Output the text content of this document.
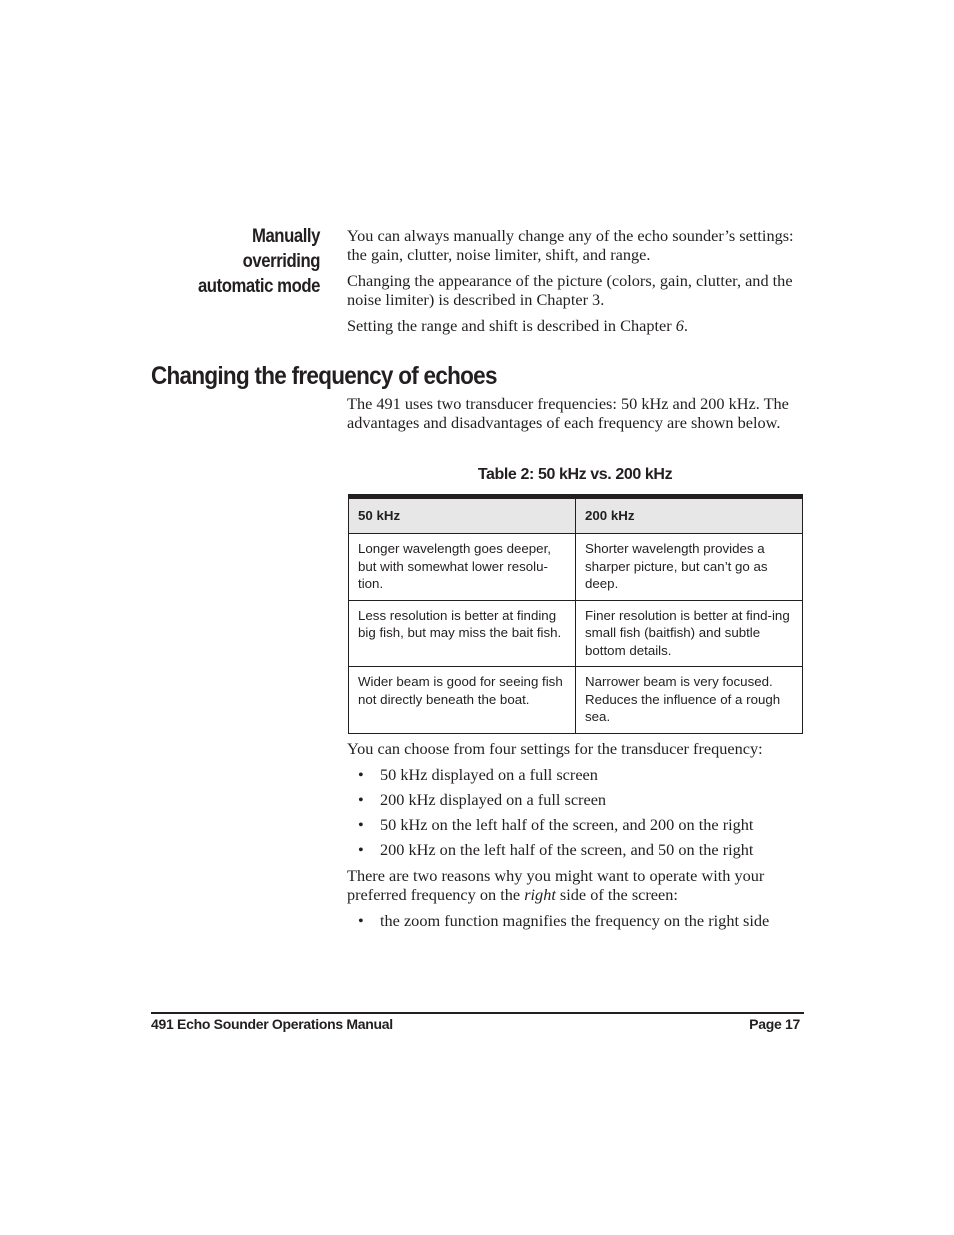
Manually
overriding
automatic mode

You can always manually change any of the echo sounder’s settings: the gain, clutter, noise limiter, shift, and range.

Changing the appearance of the picture (colors, gain, clutter, and the noise limiter) is described in Chapter 3.

Setting the range and shift is described in Chapter 6.

Changing the frequency of echoes

The 491 uses two transducer frequencies: 50 kHz and 200 kHz. The advantages and disadvantages of each frequency are shown below.

Table 2: 50 kHz vs. 200 kHz
50 kHz	200 kHz
Longer wavelength goes deeper, but with somewhat lower resolu-tion.	Shorter wavelength provides a sharper picture, but can’t go as deep.
Less resolution is better at finding big fish, but may miss the bait fish.	Finer resolution is better at find-ing small fish (baitfish) and subtle bottom details.
Wider beam is good for seeing fish not directly beneath the boat.	Narrower beam is very focused. Reduces the influence of a rough sea.

You can choose from four settings for the transducer frequency:

• 50 kHz displayed on a full screen
• 200 kHz displayed on a full screen
• 50 kHz on the left half of the screen, and 200 on the right
• 200 kHz on the left half of the screen, and 50 on the right

There are two reasons why you might want to operate with your preferred frequency on the right side of the screen:

• the zoom function magnifies the frequency on the right side
491 Echo Sounder Operations Manual	Page 17
